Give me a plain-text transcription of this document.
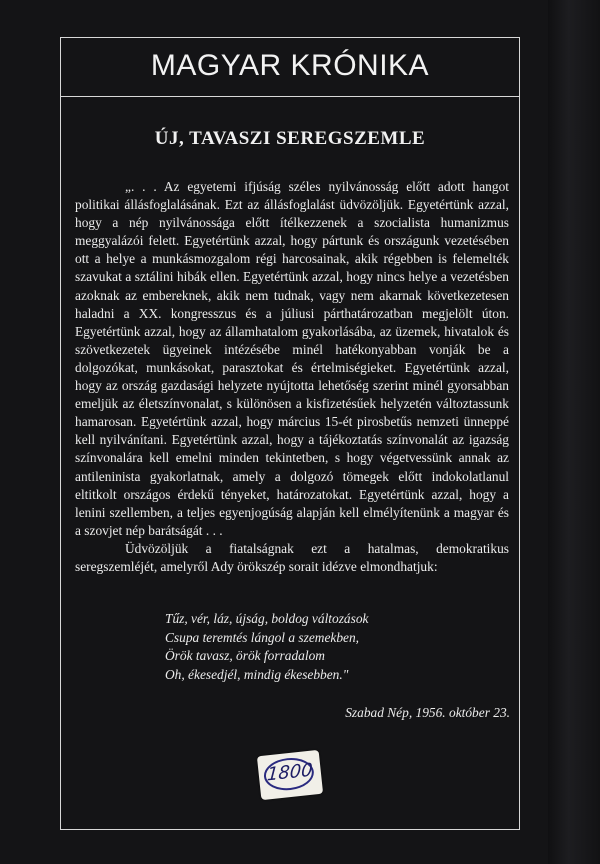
MAGYAR KRÓNIKA
ÚJ, TAVASZI SEREGSZEMLE

„. . . Az egyetemi ifjúság széles nyilvánosság előtt adott hangot politikai állásfoglalásának. Ezt az állásfoglalást üdvözöljük. Egyetértünk azzal, hogy a nép nyilvánossága előtt ítélkezzenek a szocialista humanizmus meggyalázói felett. Egyetértünk azzal, hogy pártunk és országunk vezetésében ott a helye a munkásmozgalom régi harcosainak, akik régebben is felemelték szavukat a sztálini hibák ellen. Egyetértünk azzal, hogy nincs helye a vezetésben azoknak az embereknek, akik nem tudnak, vagy nem akarnak következetesen haladni a XX. kongresszus és a júliusi párthatározatban megjelölt úton. Egyetértünk azzal, hogy az államhatalom gyakorlásába, az üzemek, hivatalok és szövetkezetek ügyeinek intézésébe minél hatékonyabban vonják be a dolgozókat, munkásokat, parasztokat és értelmiségieket. Egyetértünk azzal, hogy az ország gazdasági helyzete nyújtotta lehetőség szerint minél gyorsabban emeljük az életszínvonalat, s különösen a kisfizetésűek helyzetén változtassunk hamarosan. Egyetértünk azzal, hogy március 15-ét pirosbetűs nemzeti ünneppé kell nyilvánítani. Egyetértünk azzal, hogy a tájékoztatás színvonalát az igazság színvonalára kell emelni minden tekintetben, s hogy végetvessünk annak az antileninista gyakorlatnak, amely a dolgozó tömegek előtt indokolatlanul eltitkolt országos érdekű tényeket, határozatokat. Egyetértünk azzal, hogy a lenini szellemben, a teljes egyenjogúság alapján kell elmélyítenünk a magyar és a szovjet nép barátságát . . .

Üdvözöljük a fiatalságnak ezt a hatalmas, demokratikus seregszemléjét, amelyről Ady örökszép sorait idézve elmondhatjuk:

Tűz, vér, láz, újság, boldog változások
Csupa teremtés lángol a szemekben,
Örök tavasz, örök forradalom
Oh, ékesedjél, mindig ékesebben."
Szabad Nép, 1956. október 23.
1800
